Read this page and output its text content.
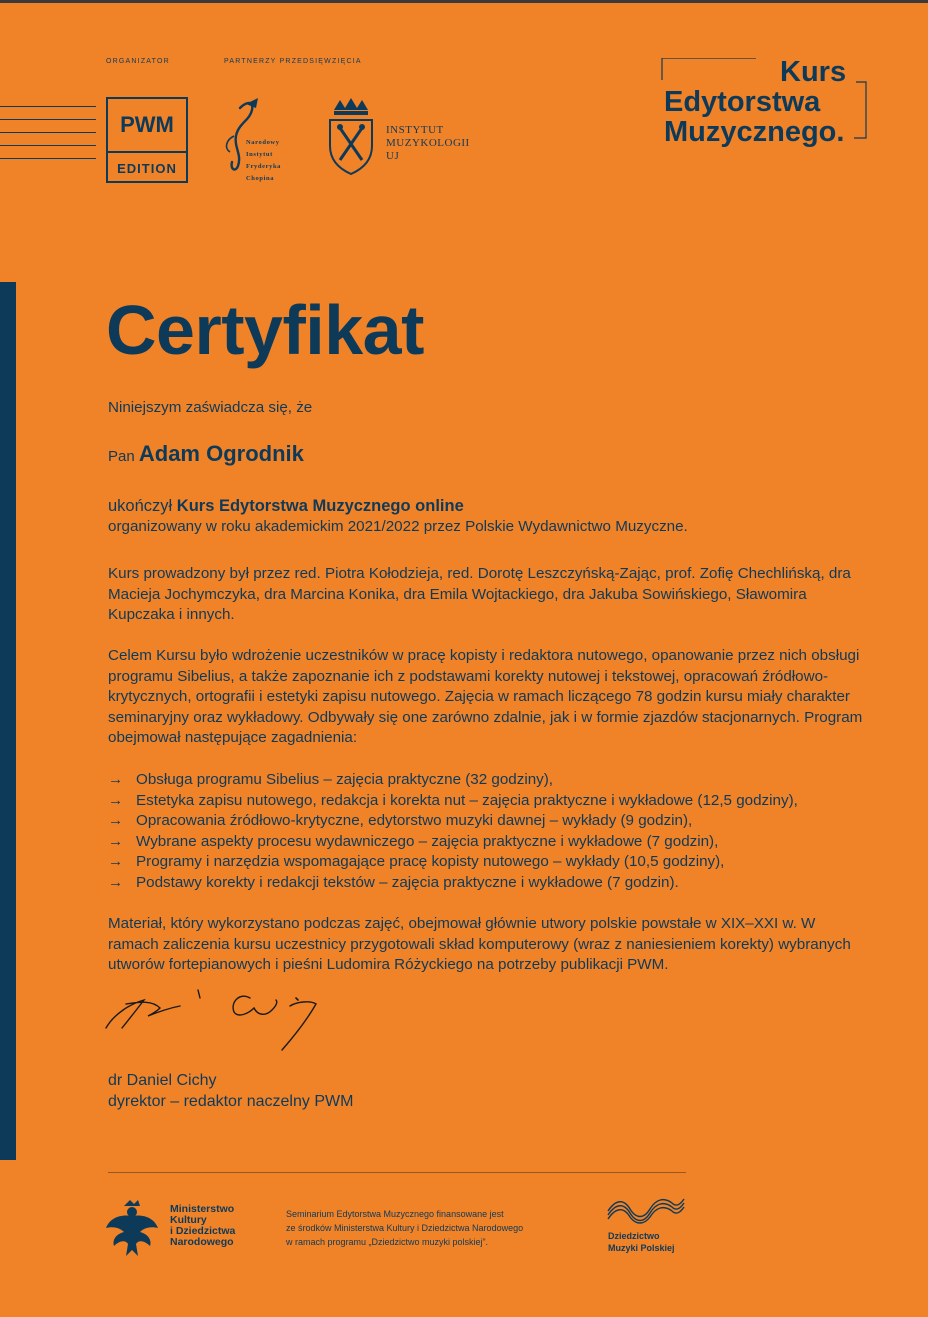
ORGANIZATOR	PARTNERZY PRZEDSIĘWZIĘCIA
PWM
EDITION
Narodowy
Instytut
Fryderyka
Chopina
INSTYTUT
MUZYKOLOGII
UJ
Kurs
Edytorstwa
Muzycznego.
Certyfikat
Niniejszym zaświadcza się, że
Pan Adam Ogrodnik
ukończył Kurs Edytorstwa Muzycznego online
organizowany w roku akademickim 2021/2022 przez Polskie Wydawnictwo Muzyczne.
Kurs prowadzony był przez red. Piotra Kołodzieja, red. Dorotę Leszczyńską-Zając, prof. Zofię Chechlińską, dra Macieja Jochymczyka, dra Marcina Konika, dra Emila Wojtackiego, dra Jakuba Sowińskiego, Sławomira Kupczaka i innych.
Celem Kursu było wdrożenie uczestników w pracę kopisty i redaktora nutowego, opanowanie przez nich obsługi programu Sibelius, a także zapoznanie ich z podstawami korekty nutowej i tekstowej, opracowań źródłowo-krytycznych, ortografii i estetyki zapisu nutowego. Zajęcia w ramach liczącego 78 godzin kursu miały charakter seminaryjny oraz wykładowy. Odbywały się one zarówno zdalnie, jak i w formie zjazdów stacjonarnych. Program obejmował następujące zagadnienia:
→ Obsługa programu Sibelius – zajęcia praktyczne (32 godziny),
→ Estetyka zapisu nutowego, redakcja i korekta nut – zajęcia praktyczne i wykładowe (12,5 godziny),
→ Opracowania źródłowo-krytyczne, edytorstwo muzyki dawnej – wykłady (9 godzin),
→ Wybrane aspekty procesu wydawniczego – zajęcia praktyczne i wykładowe (7 godzin),
→ Programy i narzędzia wspomagające pracę kopisty nutowego – wykłady (10,5 godziny),
→ Podstawy korekty i redakcji tekstów – zajęcia praktyczne i wykładowe (7 godzin).
Materiał, który wykorzystano podczas zajęć, obejmował głównie utwory polskie powstałe w XIX–XXI w. W ramach zaliczenia kursu uczestnicy przygotowali skład komputerowy (wraz z naniesieniem korekty) wybranych utworów fortepianowych i pieśni Ludomira Różyckiego na potrzeby publikacji PWM.
dr Daniel Cichy
dyrektor – redaktor naczelny PWM
Ministerstwo
Kultury
i Dziedzictwa
Narodowego
Seminarium Edytorstwa Muzycznego finansowane jest
ze środków Ministerstwa Kultury i Dziedzictwa Narodowego
w ramach programu „Dziedzictwo muzyki polskiej”.
Dziedzictwo
Muzyki Polskiej
